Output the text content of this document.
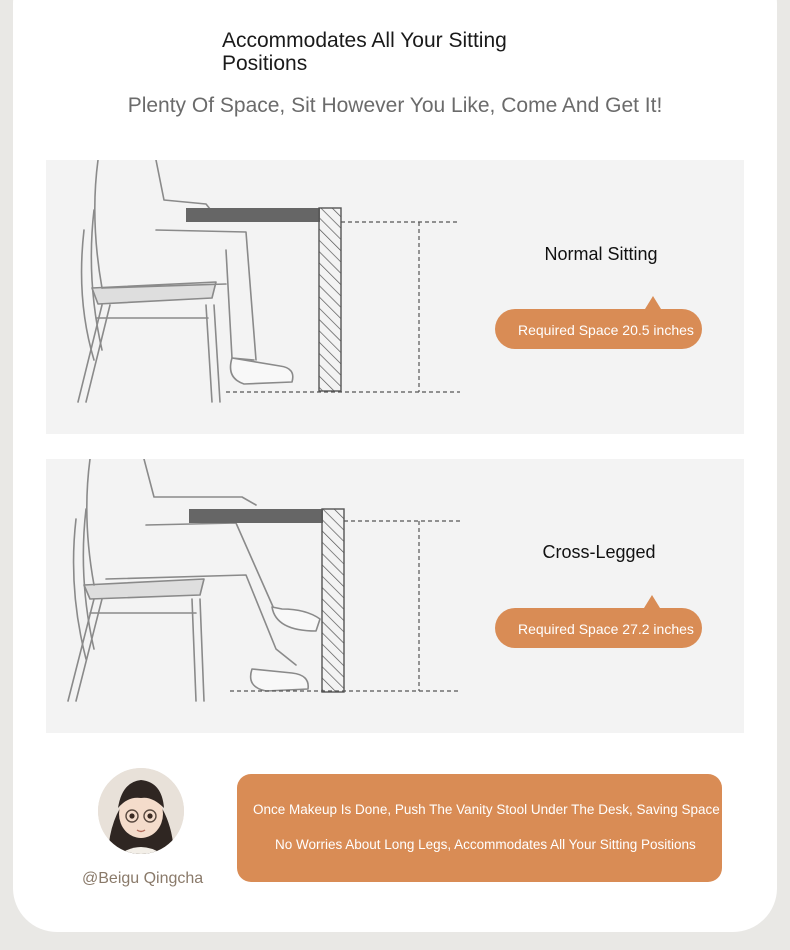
Accommodates All Your Sitting Positions
Plenty Of Space, Sit However You Like, Come And Get It!
Normal Sitting
Required Space 20.5 inches
Cross-Legged
Required Space 27.2 inches
@Beigu Qingcha
Once Makeup Is Done, Push The Vanity Stool Under The Desk, Saving Space
No Worries About Long Legs, Accommodates All Your Sitting Positions
